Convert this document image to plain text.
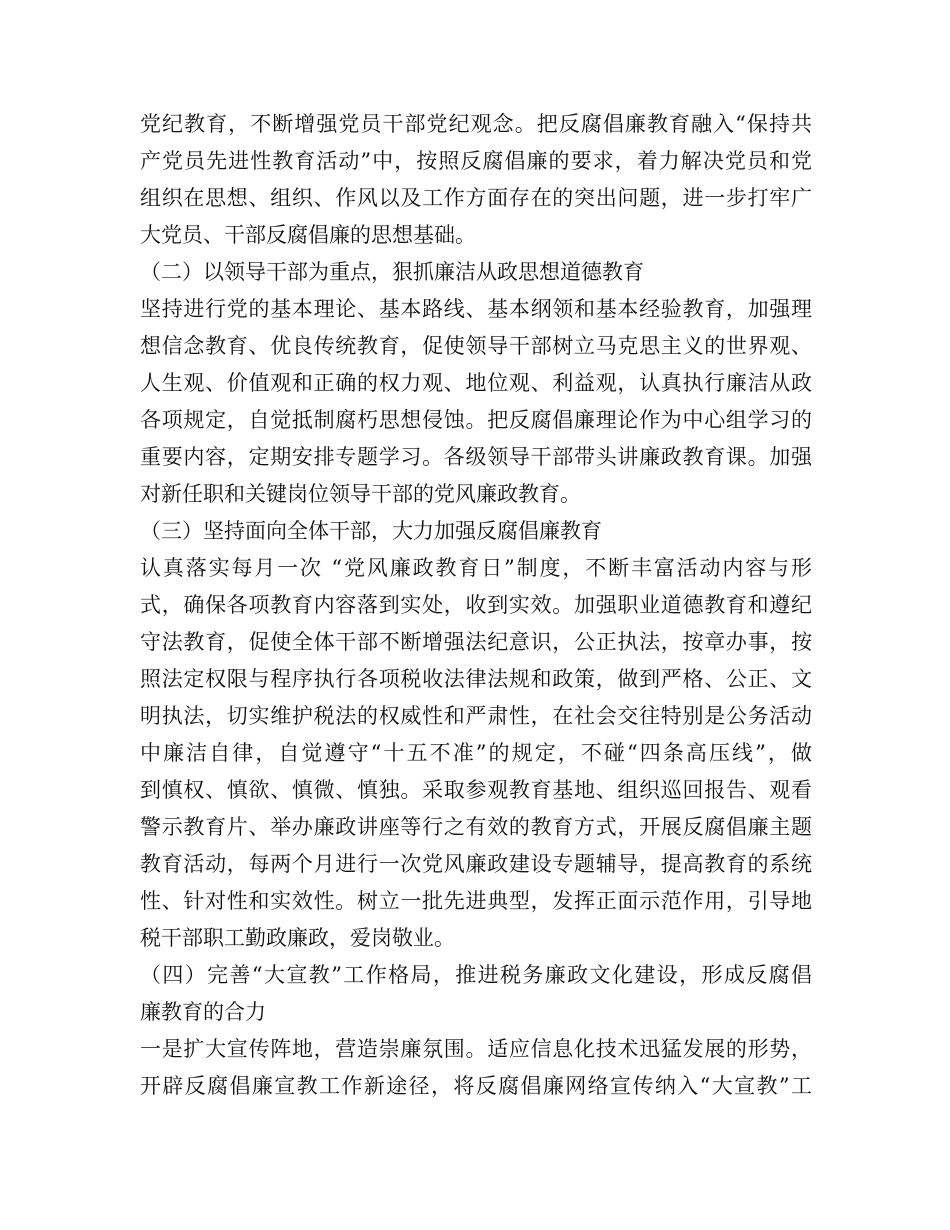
党纪教育，不断增强党员干部党纪观念。把反腐倡廉教育融入“保持共
产党员先进性教育活动”中，按照反腐倡廉的要求，着力解决党员和党
组织在思想、组织、作风以及工作方面存在的突出问题，进一步打牢广
大党员、干部反腐倡廉的思想基础。
（二）以领导干部为重点，狠抓廉洁从政思想道德教育
坚持进行党的基本理论、基本路线、基本纲领和基本经验教育，加强理
想信念教育、优良传统教育，促使领导干部树立马克思主义的世界观、
人生观、价值观和正确的权力观、地位观、利益观，认真执行廉洁从政
各项规定，自觉抵制腐朽思想侵蚀。把反腐倡廉理论作为中心组学习的
重要内容，定期安排专题学习。各级领导干部带头讲廉政教育课。加强
对新任职和关键岗位领导干部的党风廉政教育。
（三）坚持面向全体干部，大力加强反腐倡廉教育
认真落实每月一次 “党风廉政教育日”制度，不断丰富活动内容与形
式，确保各项教育内容落到实处，收到实效。加强职业道德教育和遵纪
守法教育，促使全体干部不断增强法纪意识，公正执法，按章办事，按
照法定权限与程序执行各项税收法律法规和政策，做到严格、公正、文
明执法，切实维护税法的权威性和严肃性，在社会交往特别是公务活动
中廉洁自律，自觉遵守“十五不准”的规定，不碰“四条高压线”，做
到慎权、慎欲、慎微、慎独。采取参观教育基地、组织巡回报告、观看
警示教育片、举办廉政讲座等行之有效的教育方式，开展反腐倡廉主题
教育活动，每两个月进行一次党风廉政建设专题辅导，提高教育的系统
性、针对性和实效性。树立一批先进典型，发挥正面示范作用，引导地
税干部职工勤政廉政，爱岗敬业。
（四）完善“大宣教”工作格局，推进税务廉政文化建设，形成反腐倡
廉教育的合力
一是扩大宣传阵地，营造崇廉氛围。适应信息化技术迅猛发展的形势，
开辟反腐倡廉宣教工作新途径，将反腐倡廉网络宣传纳入“大宣教”工
